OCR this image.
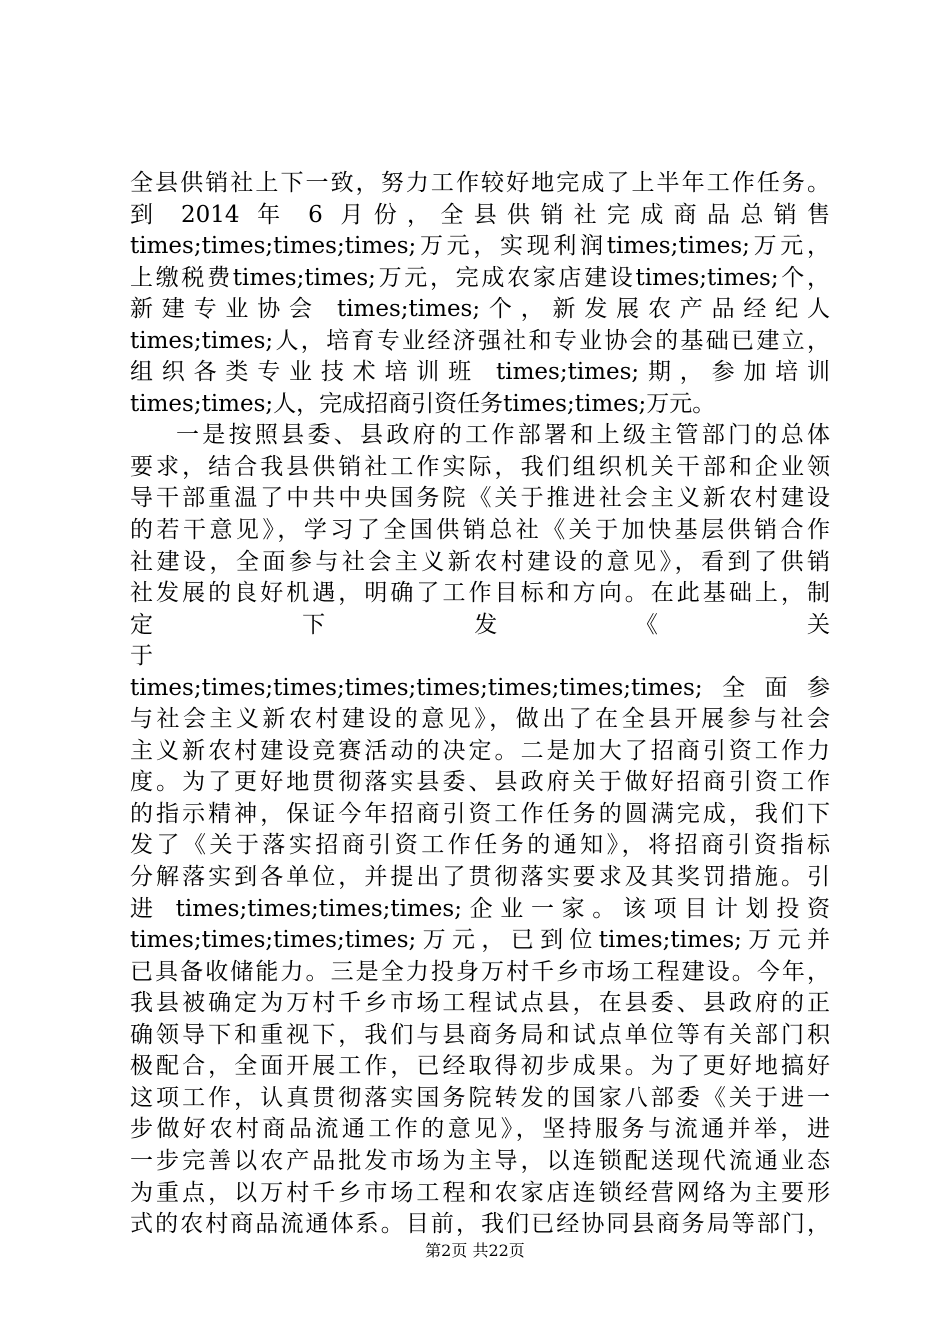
全县供销社上下一致，努力工作较好地完成了上半年工作任务。

到 2014 年 6 月份，全县供销社完成商品总销售

times;times;times;times;万元，实现利润times;times;万元，

上缴税费times;times;万元，完成农家店建设times;times;个，

新建专业协会 times;times;个，新发展农产品经纪人

times;times;人，培育专业经济强社和专业协会的基础已建立，

组织各类专业技术培训班 times;times;期，参加培训

times;times;人，完成招商引资任务times;times;万元。

一是按照县委、县政府的工作部署和上级主管部门的总体

要求，结合我县供销社工作实际，我们组织机关干部和企业领

导干部重温了中共中央国务院《关于推进社会主义新农村建设

的若干意见》，学习了全国供销总社《关于加快基层供销合作

社建设，全面参与社会主义新农村建设的意见》，看到了供销

社发展的良好机遇，明确了工作目标和方向。在此基础上，制

定　　　　　下　　　　　发　　　　　《　　　　　关　　　　　于

times;times;times;times;times;times;times;times;全面参

与社会主义新农村建设的意见》，做出了在全县开展参与社会

主义新农村建设竞赛活动的决定。二是加大了招商引资工作力

度。为了更好地贯彻落实县委、县政府关于做好招商引资工作

的指示精神，保证今年招商引资工作任务的圆满完成，我们下

发了《关于落实招商引资工作任务的通知》，将招商引资指标

分解落实到各单位，并提出了贯彻落实要求及其奖罚措施。引

进 times;times;times;times;企业一家。该项目计划投资

times;times;times;times;万元，已到位times;times;万元并

已具备收储能力。三是全力投身万村千乡市场工程建设。今年，

我县被确定为万村千乡市场工程试点县，在县委、县政府的正

确领导下和重视下，我们与县商务局和试点单位等有关部门积

极配合，全面开展工作，已经取得初步成果。为了更好地搞好

这项工作，认真贯彻落实国务院转发的国家八部委《关于进一

步做好农村商品流通工作的意见》，坚持服务与流通并举，进

一步完善以农产品批发市场为主导，以连锁配送现代流通业态

为重点，以万村千乡市场工程和农家店连锁经营网络为主要形

式的农村商品流通体系。目前，我们已经协同县商务局等部门，

第2页 共22页
